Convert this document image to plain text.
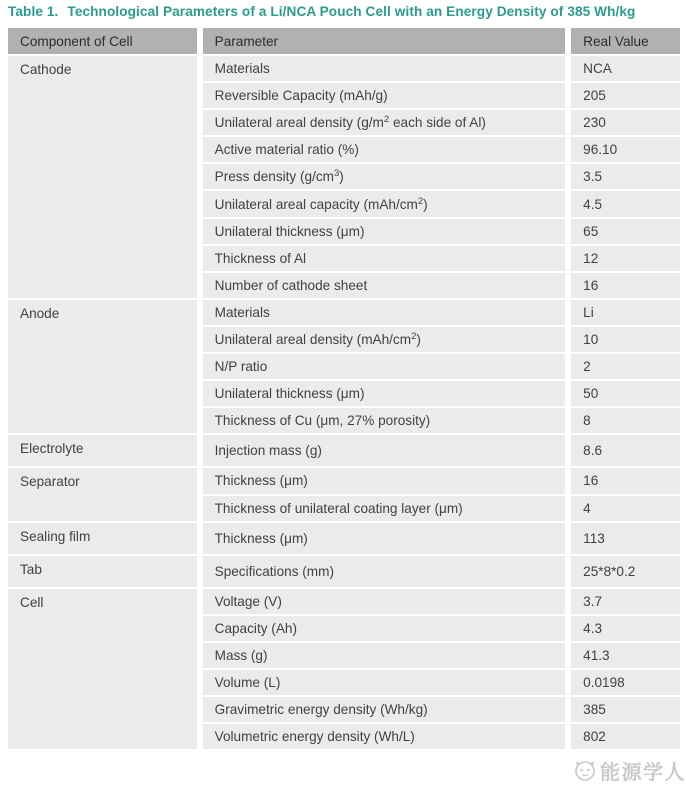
Table 1. Technological Parameters of a Li/NCA Pouch Cell with an Energy Density of 385 Wh/kg
Component of Cell	Parameter	Real Value
Cathode	Materials	NCA
	Reversible Capacity (mAh/g)	205
	Unilateral areal density ($g/m^2$ each side of Al)	230
	Active material ratio (%)	96.10
	Press density $(g/cm^3)$	3.5
	Unilateral areal capacity $(mAh/cm^2)$	4.5
	Unilateral thickness (μm)	65
	Thickness of Al	12
	Number of cathode sheet	16
Anode	Materials	Li
	Unilateral areal density $(mAh/cm^2)$	10
	N/P ratio	2
	Unilateral thickness (μm)	50
	Thickness of Cu (μm, 27% porosity)	8
Electrolyte	Injection mass (g)	8.6
Separator	Thickness (μm)	16
	Thickness of unilateral coating layer (μm)	4
Sealing film	Thickness (μm)	113
Tab	Specifications (mm)	25*8*0.2
Cell	Voltage (V)	3.7
	Capacity (Ah)	4.3
	Mass (g)	41.3
	Volume (L)	0.0198
	Gravimetric energy density (Wh/kg)	385
	Volumetric energy density (Wh/L)	802
能源学人
